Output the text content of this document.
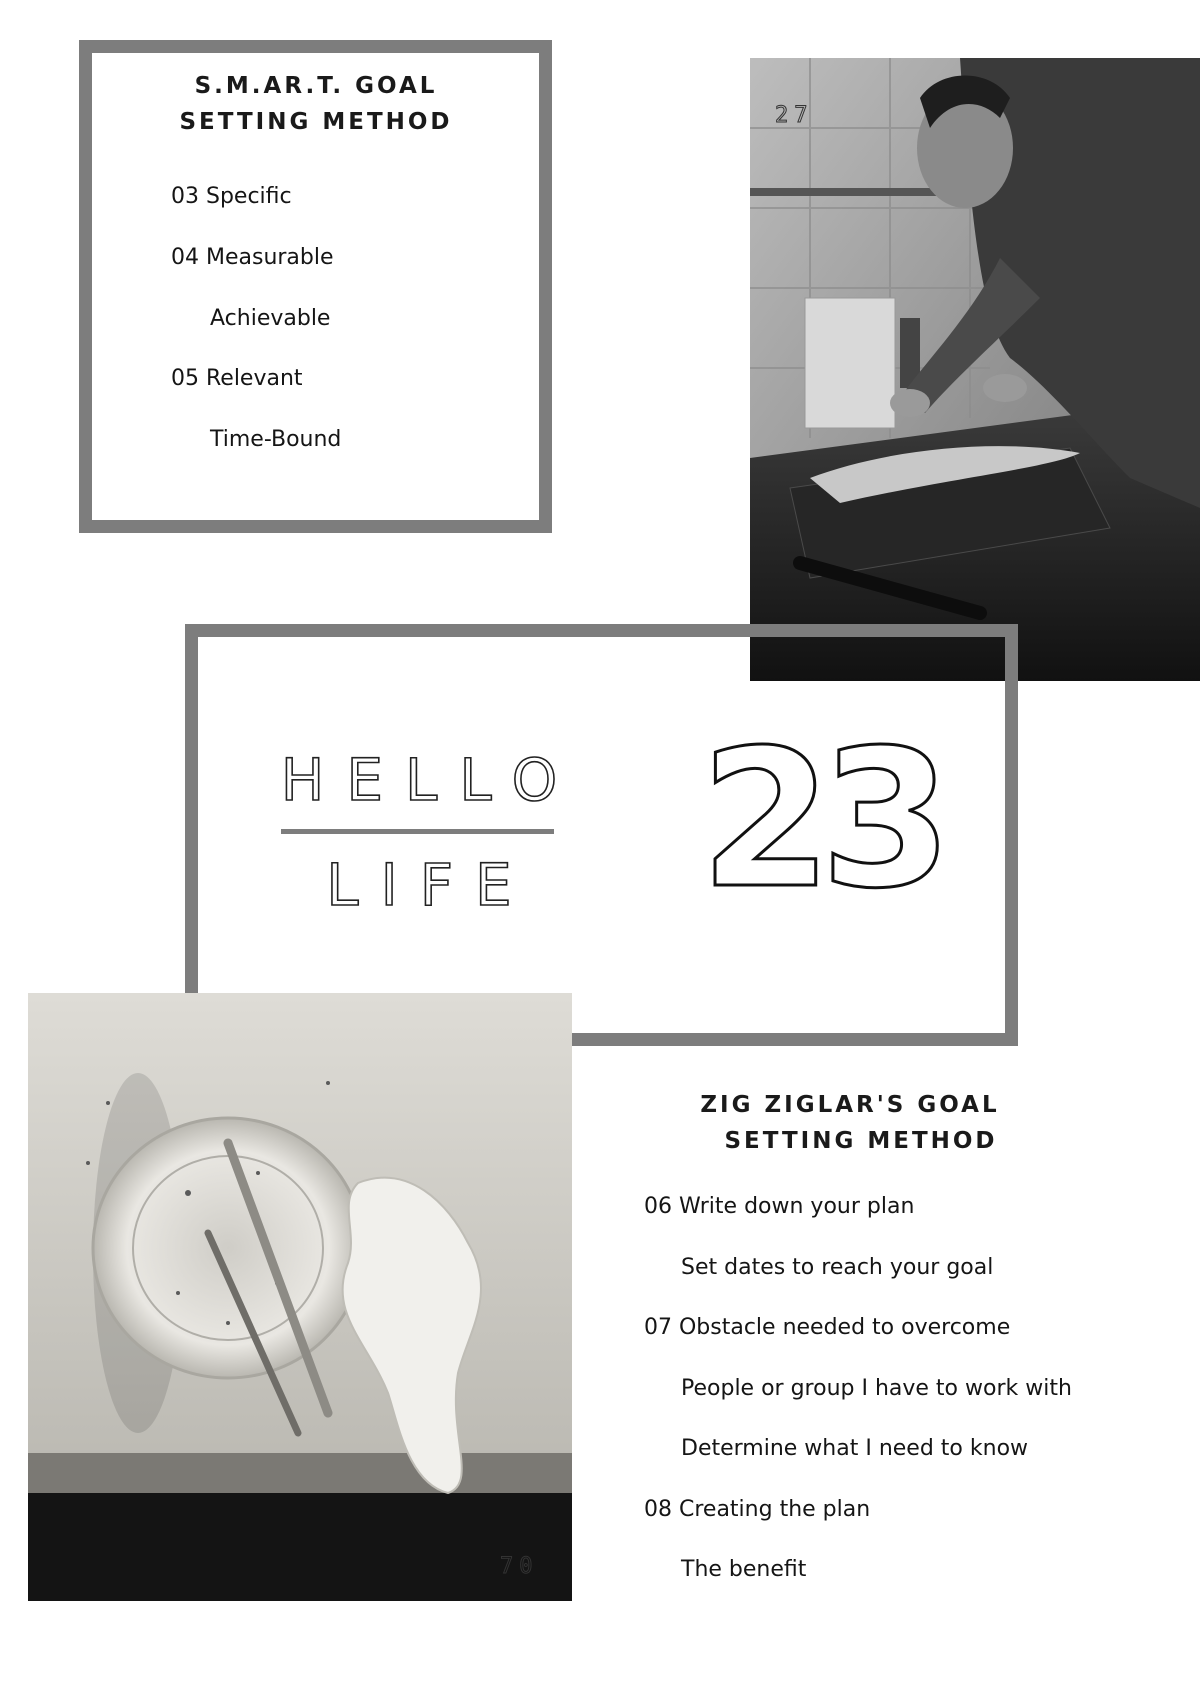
S.M.AR.T. GOAL
SETTING METHOD
03 Specific
04 Measurable
Achievable
05 Relevant
Time-Bound
27
HELLO
LIFE 23
70
ZIG ZIGLAR'S GOAL
SETTING METHOD
06 Write down your plan
Set dates to reach your goal
07 Obstacle needed to overcome
People or group I have to work with
Determine what I need to know
08 Creating the plan
The benefit
